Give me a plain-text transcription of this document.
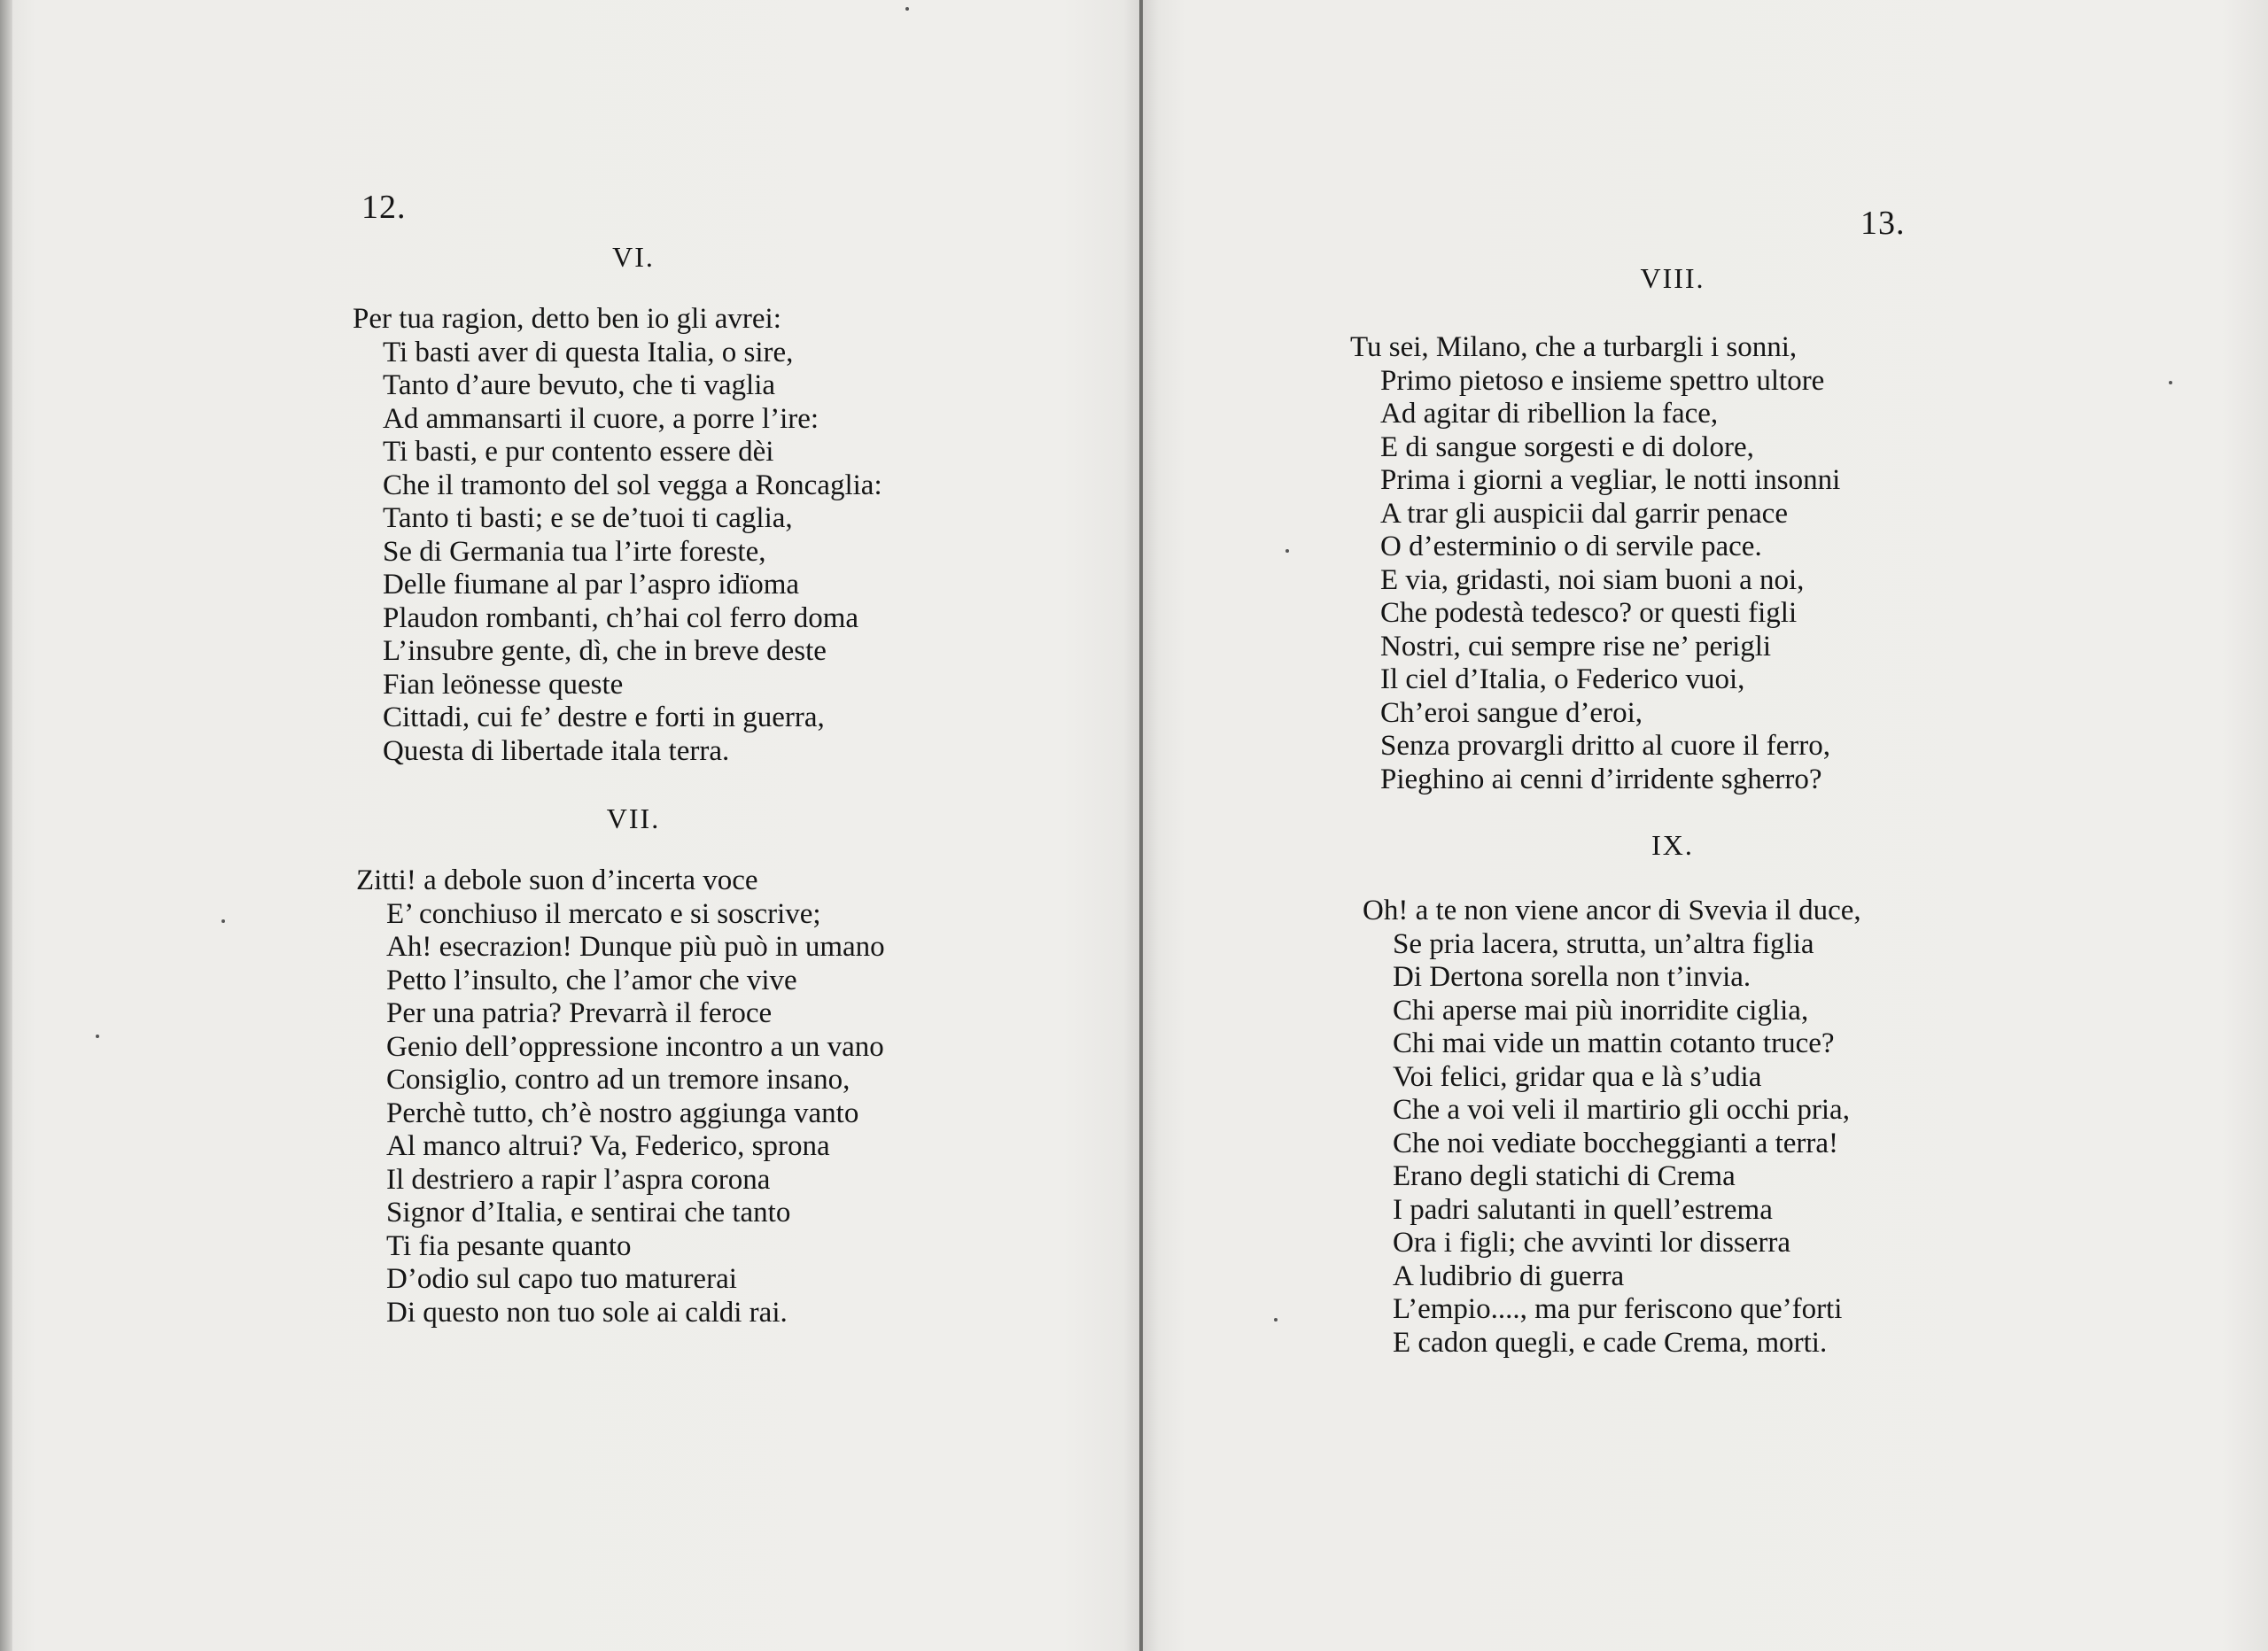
12.
VI.
Per tua ragion, detto ben io gli avrei:
Ti basti aver di questa Italia, o sire,
Tanto d’aure bevuto, che ti vaglia
Ad ammansarti il cuore, a porre l’ire:
Ti basti, e pur contento essere dèi
Che il tramonto del sol vegga a Roncaglia:
Tanto ti basti; e se de’tuoi ti caglia,
Se di Germania tua l’irte foreste,
Delle fiumane al par l’aspro idïoma
Plaudon rombanti, ch’hai col ferro doma
L’insubre gente, dì, che in breve deste
Fian leönesse queste
Cittadi, cui fe’ destre e forti in guerra,
Questa di libertade itala terra.
VII.
Zitti! a debole suon d’incerta voce
E’ conchiuso il mercato e si soscrive;
Ah! esecrazion! Dunque più può in umano
Petto l’insulto, che l’amor che vive
Per una patria? Prevarrà il feroce
Genio dell’oppressione incontro a un vano
Consiglio, contro ad un tremore insano,
Perchè tutto, ch’è nostro aggiunga vanto
Al manco altrui? Va, Federico, sprona
Il destriero a rapir l’aspra corona
Signor d’Italia, e sentirai che tanto
Ti fia pesante quanto
D’odio sul capo tuo maturerai
Di questo non tuo sole ai caldi rai.
13.
VIII.
Tu sei, Milano, che a turbargli i sonni,
Primo pietoso e insieme spettro ultore
Ad agitar di ribellion la face,
E di sangue sorgesti e di dolore,
Prima i giorni a vegliar, le notti insonni
A trar gli auspicii dal garrir penace
O d’esterminio o di servile pace.
E via, gridasti, noi siam buoni a noi,
Che podestà tedesco? or questi figli
Nostri, cui sempre rise ne’ perigli
Il ciel d’Italia, o Federico vuoi,
Ch’eroi sangue d’eroi,
Senza provargli dritto al cuore il ferro,
Pieghino ai cenni d’irridente sgherro?
IX.
Oh! a te non viene ancor di Svevia il duce,
Se pria lacera, strutta, un’altra figlia
Di Dertona sorella non t’invia.
Chi aperse mai più inorridite ciglia,
Chi mai vide un mattin cotanto truce?
Voi felici, gridar qua e là s’udia
Che a voi veli il martirio gli occhi pria,
Che noi vediate boccheggianti a terra!
Erano degli statichi di Crema
I padri salutanti in quell’estrema
Ora i figli; che avvinti lor disserra
A ludibrio di guerra
L’empio...., ma pur feriscono que’forti
E cadon quegli, e cade Crema, morti.
